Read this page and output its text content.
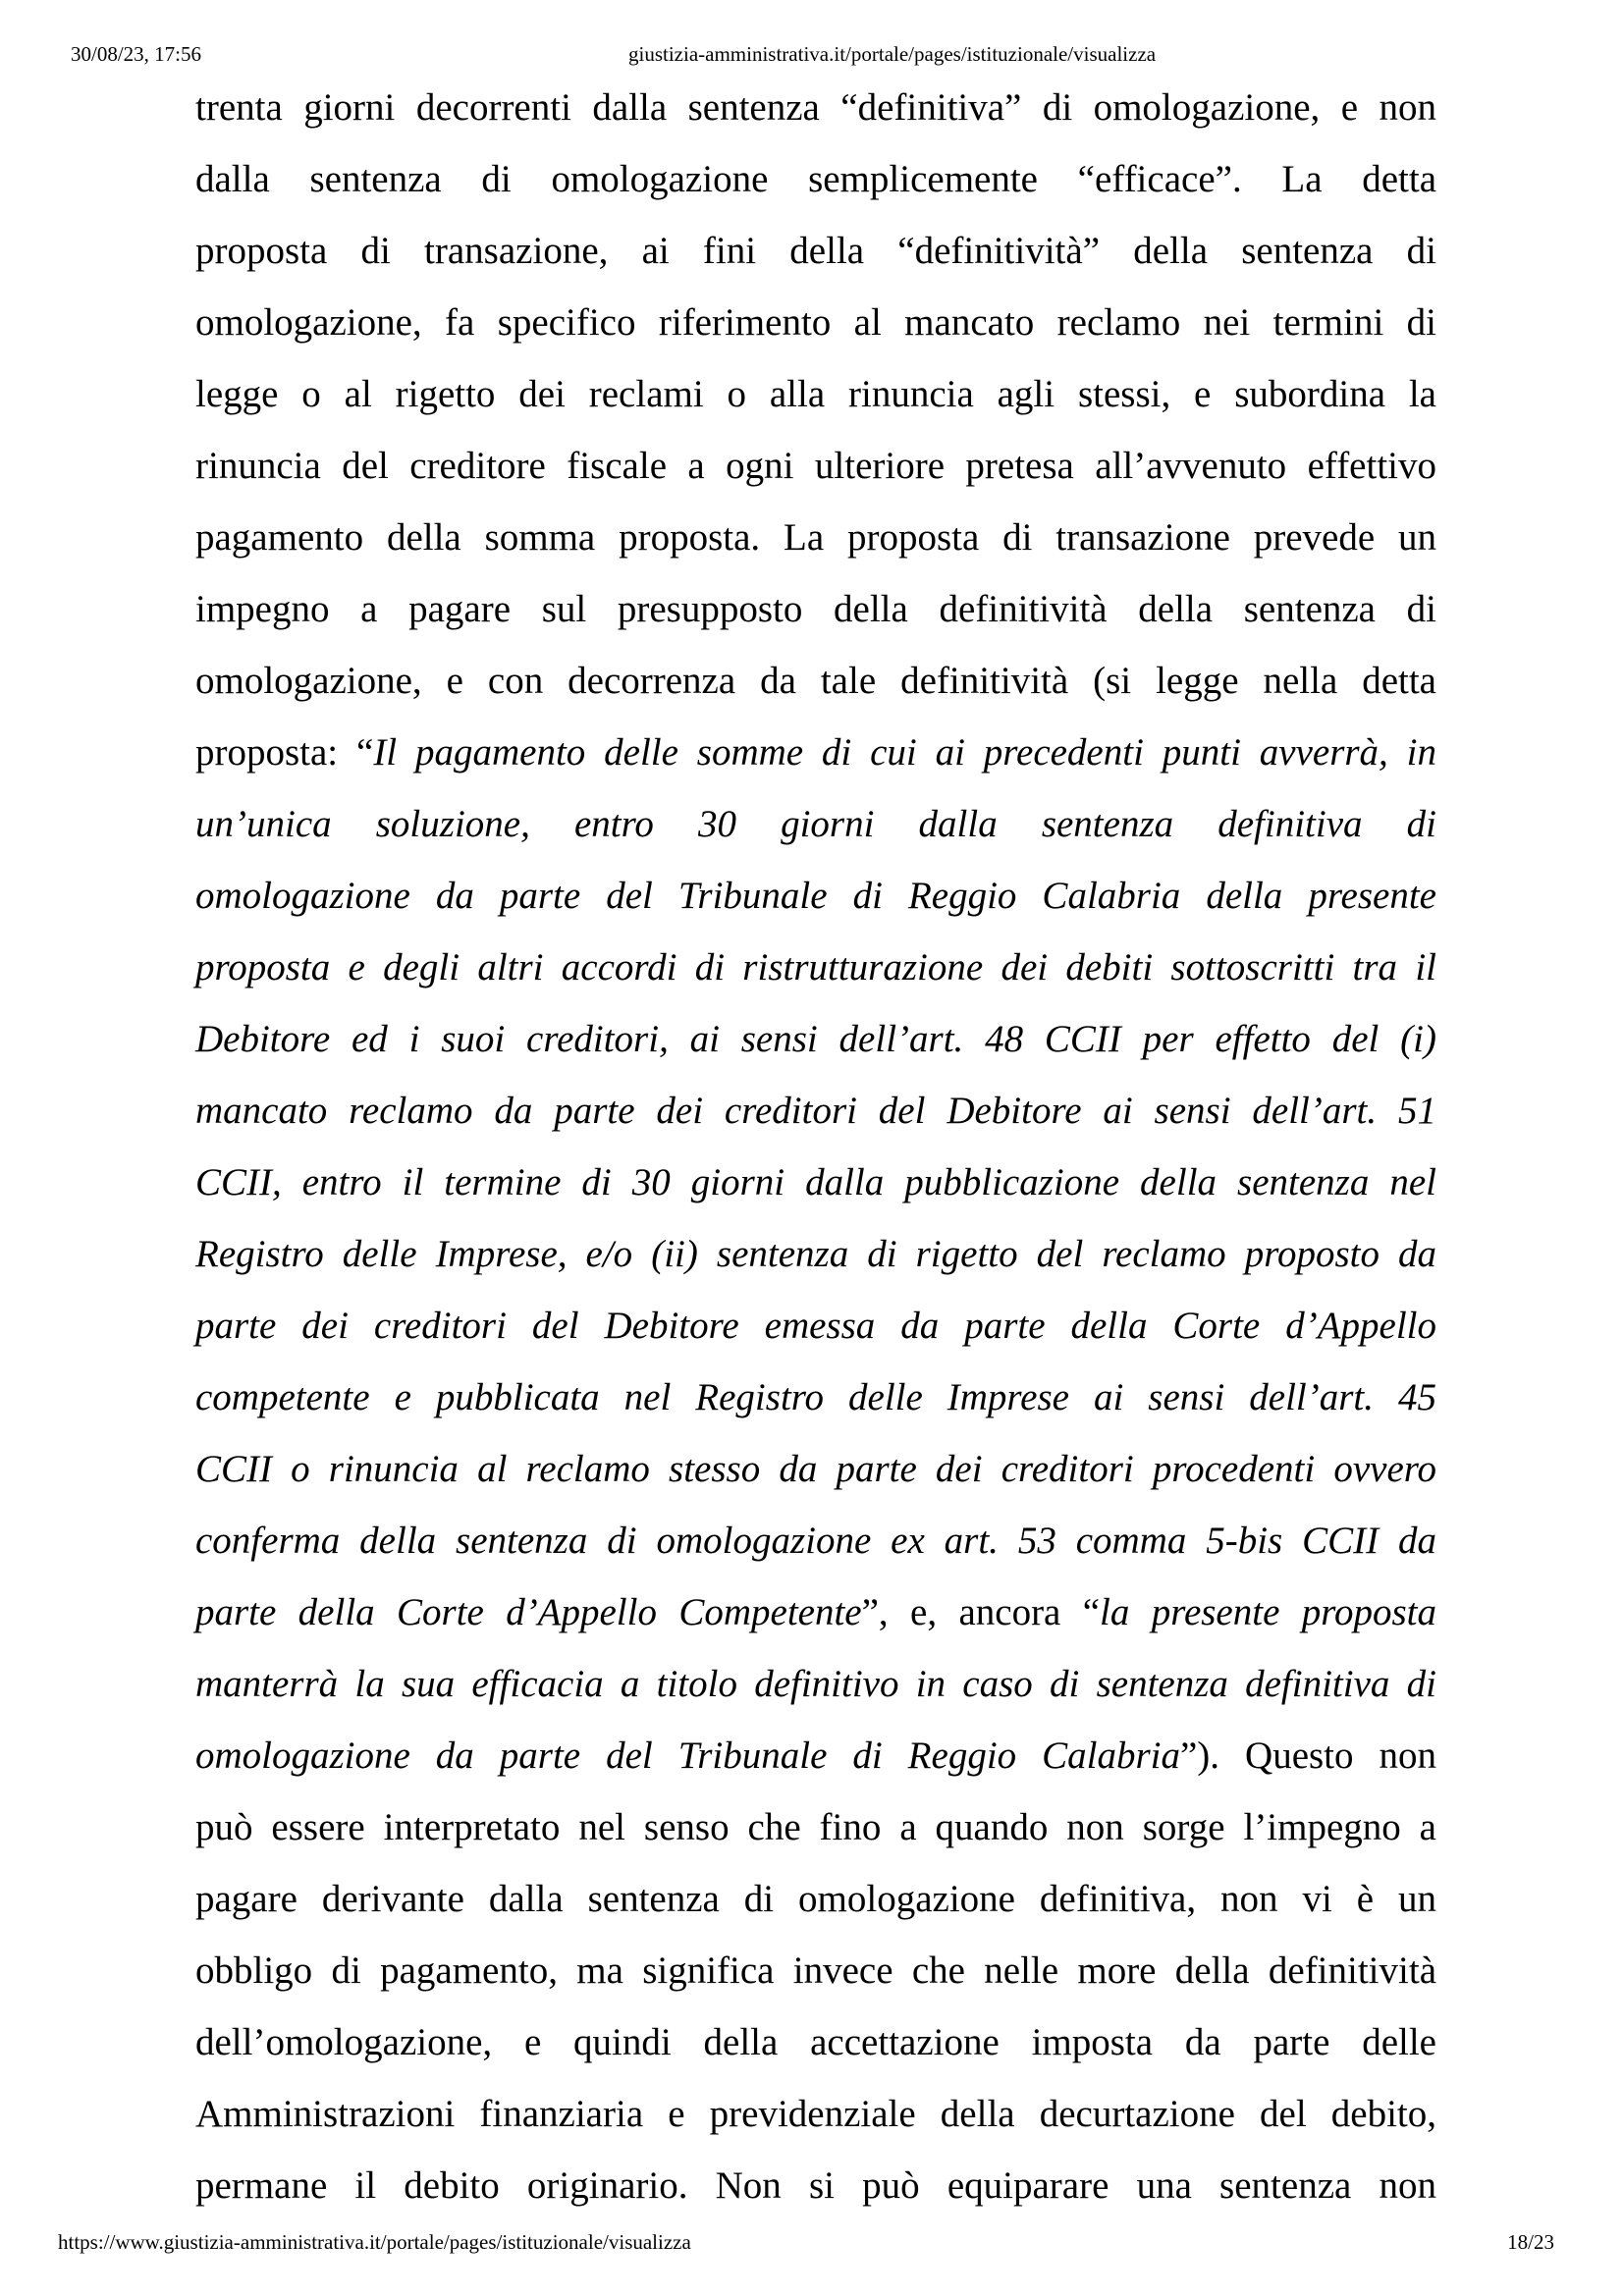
30/08/23, 17:56	giustizia-amministrativa.it/portale/pages/istituzionale/visualizza
trenta giorni decorrenti dalla sentenza “definitiva” di omologazione, e non
dalla sentenza di omologazione semplicemente “efficace”. La detta
proposta di transazione, ai fini della “definitività” della sentenza di
omologazione, fa specifico riferimento al mancato reclamo nei termini di
legge o al rigetto dei reclami o alla rinuncia agli stessi, e subordina la
rinuncia del creditore fiscale a ogni ulteriore pretesa all’avvenuto effettivo
pagamento della somma proposta. La proposta di transazione prevede un
impegno a pagare sul presupposto della definitività della sentenza di
omologazione, e con decorrenza da tale definitività (si legge nella detta
proposta: “Il pagamento delle somme di cui ai precedenti punti avverrà, in
un’unica soluzione, entro 30 giorni dalla sentenza definitiva di
omologazione da parte del Tribunale di Reggio Calabria della presente
proposta e degli altri accordi di ristrutturazione dei debiti sottoscritti tra il
Debitore ed i suoi creditori, ai sensi dell’art. 48 CCII per effetto del (i)
mancato reclamo da parte dei creditori del Debitore ai sensi dell’art. 51
CCII, entro il termine di 30 giorni dalla pubblicazione della sentenza nel
Registro delle Imprese, e/o (ii) sentenza di rigetto del reclamo proposto da
parte dei creditori del Debitore emessa da parte della Corte d’Appello
competente e pubblicata nel Registro delle Imprese ai sensi dell’art. 45
CCII o rinuncia al reclamo stesso da parte dei creditori procedenti ovvero
conferma della sentenza di omologazione ex art. 53 comma 5-bis CCII da
parte della Corte d’Appello Competente”, e, ancora “la presente proposta
manterrà la sua efficacia a titolo definitivo in caso di sentenza definitiva di
omologazione da parte del Tribunale di Reggio Calabria”). Questo non
può essere interpretato nel senso che fino a quando non sorge l’impegno a
pagare derivante dalla sentenza di omologazione definitiva, non vi è un
obbligo di pagamento, ma significa invece che nelle more della definitività
dell’omologazione, e quindi della accettazione imposta da parte delle
Amministrazioni finanziaria e previdenziale della decurtazione del debito,
permane il debito originario. Non si può equiparare una sentenza non
https://www.giustizia-amministrativa.it/portale/pages/istituzionale/visualizza	18/23
